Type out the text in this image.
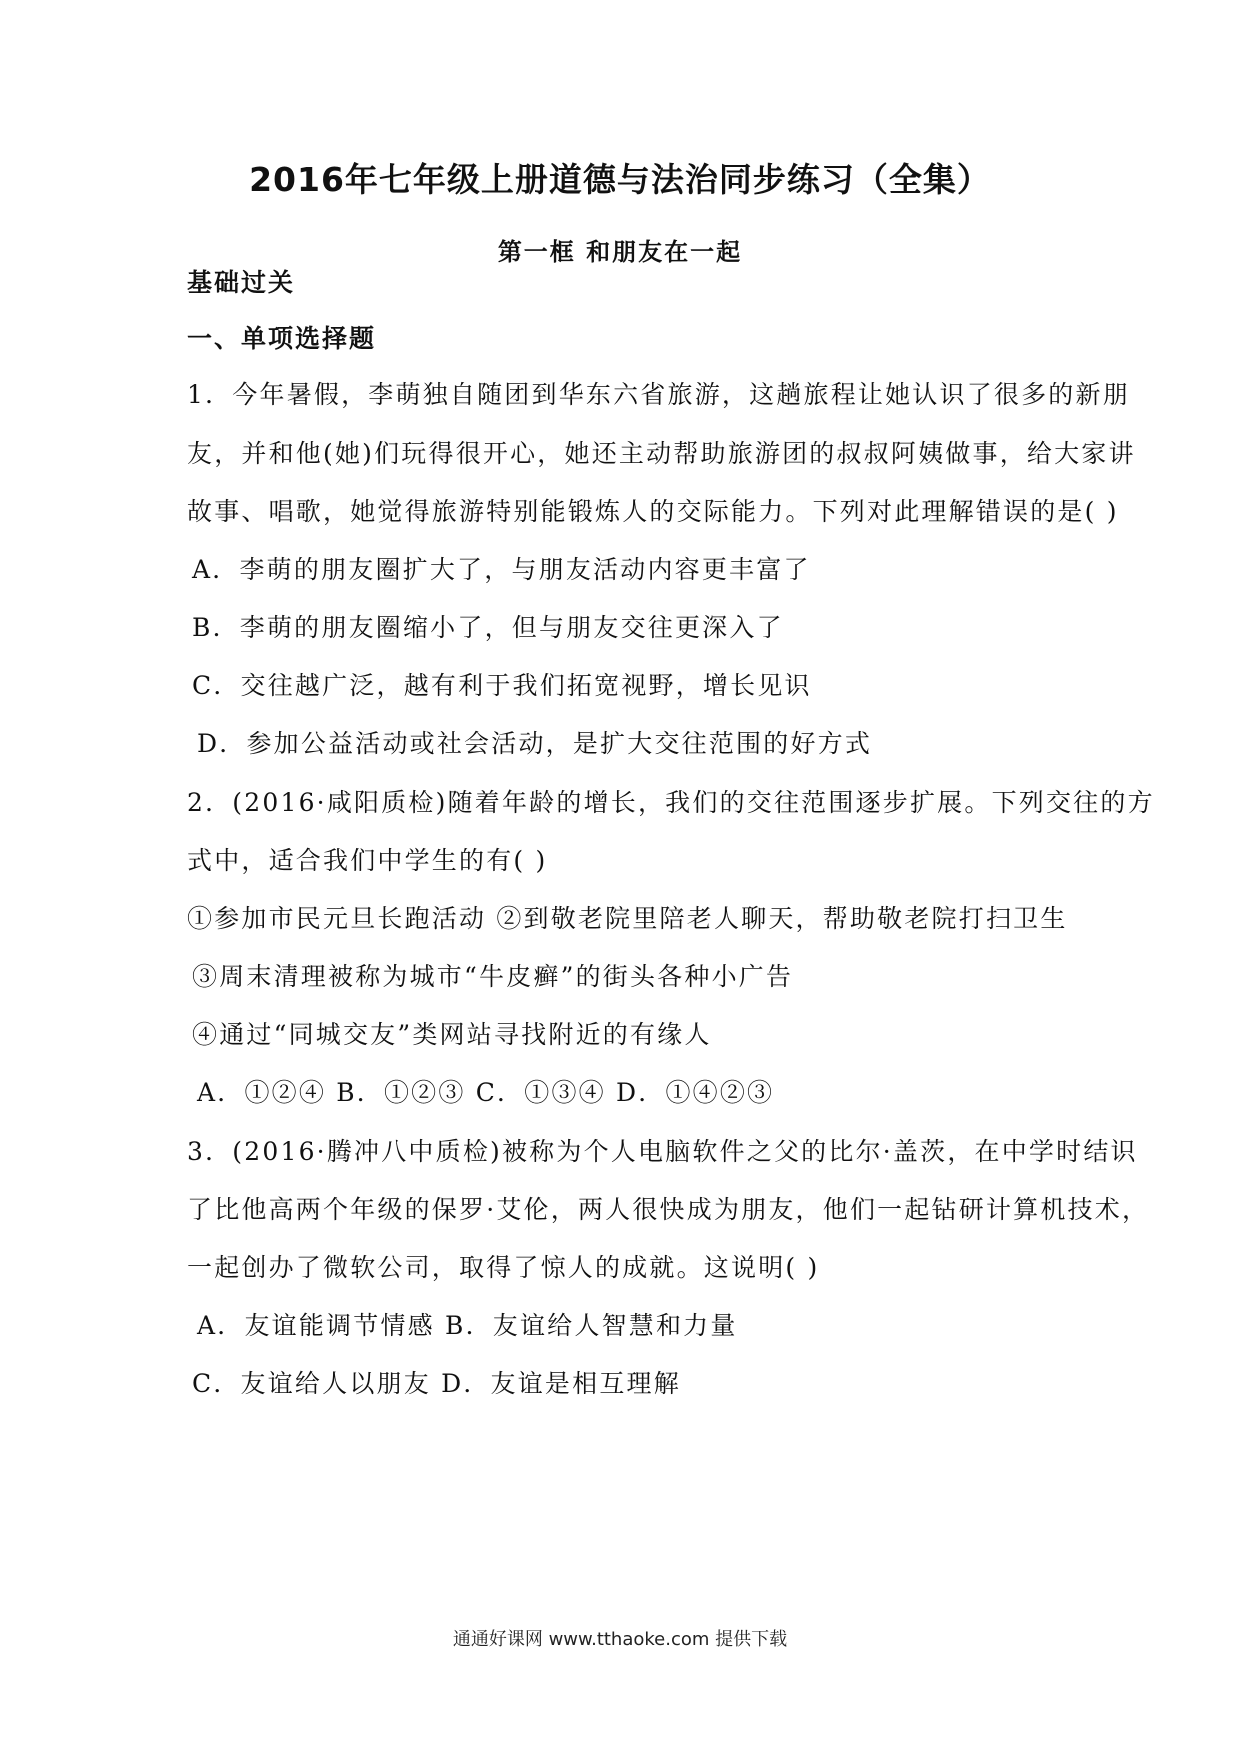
2016年七年级上册道德与法治同步练习（全集）
第一框 和朋友在一起
基础过关
一、单项选择题
1．今年暑假，李萌独自随团到华东六省旅游，这趟旅程让她认识了很多的新朋
友，并和他(她)们玩得很开心，她还主动帮助旅游团的叔叔阿姨做事，给大家讲
故事、唱歌，她觉得旅游特别能锻炼人的交际能力。下列对此理解错误的是( )
A．李萌的朋友圈扩大了，与朋友活动内容更丰富了
B．李萌的朋友圈缩小了，但与朋友交往更深入了
C．交往越广泛，越有利于我们拓宽视野，增长见识
D．参加公益活动或社会活动，是扩大交往范围的好方式
2．(2016·咸阳质检)随着年龄的增长，我们的交往范围逐步扩展。下列交往的方
式中，适合我们中学生的有( )
①参加市民元旦长跑活动 ②到敬老院里陪老人聊天，帮助敬老院打扫卫生
③周末清理被称为城市“牛皮癣”的街头各种小广告
④通过“同城交友”类网站寻找附近的有缘人
A．①②④ B．①②③ C．①③④ D．①④②③
3．(2016·腾冲八中质检)被称为个人电脑软件之父的比尔·盖茨，在中学时结识
了比他高两个年级的保罗·艾伦，两人很快成为朋友，他们一起钻研计算机技术，
一起创办了微软公司，取得了惊人的成就。这说明( )
A．友谊能调节情感 B．友谊给人智慧和力量
C．友谊给人以朋友 D．友谊是相互理解
通通好课网 www.tthaoke.com 提供下载
